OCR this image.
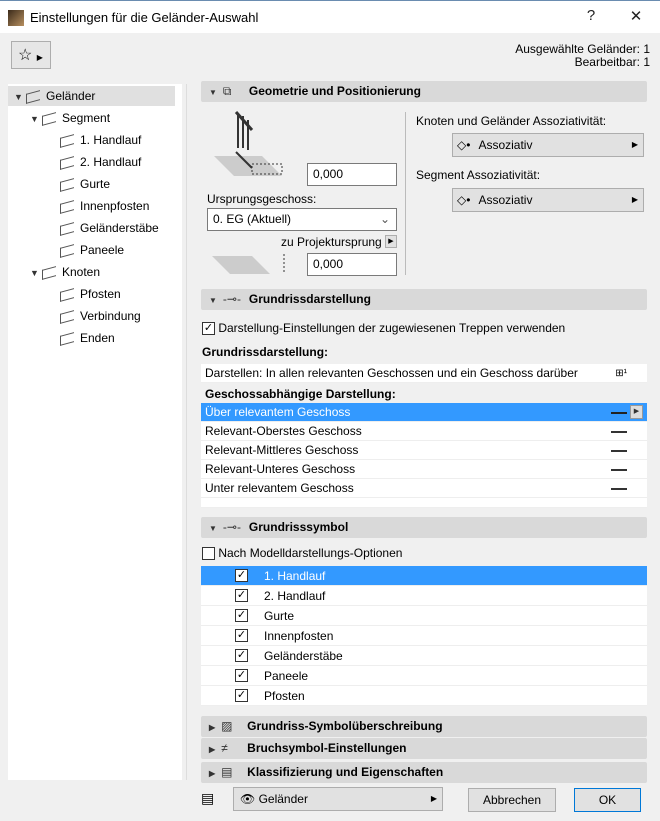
Einstellungen für die Geländer-Auswahl	?	✕
☆ ▶
Ausgewählte Geländer: 1
Bearbeitbar: 1
▼ Geländer
▼ Segment
1. Handlauf
2. Handlauf
Gurte
Innenpfosten
Geländerstäbe
Paneele
▼ Knoten
Pfosten
Verbindung
Enden
▼ ⧉ Geometrie und Positionierung
0,000
Ursprungsgeschoss:
0. EG (Aktuell)	⌄
zu Projektursprung ▶
0,000
Knoten und Geländer Assoziativität:
◇• Assoziativ	▶
Segment Assoziativität:
◇• Assoziativ	▶
▼ -⊸- Grundrissdarstellung
✓ Darstellung-Einstellungen der zugewiesenen Treppen verwenden
Grundrissdarstellung:
Darstellen: In allen relevanten Geschossen und ein Geschoss darüber	⊞¹
Geschossabhängige Darstellung:
Über relevantem Geschoss	▶
Relevant-Oberstes Geschoss
Relevant-Mittleres Geschoss
Relevant-Unteres Geschoss
Unter relevantem Geschoss
▼ -⊸- Grundrisssymbol
Nach Modelldarstellungs-Optionen
✓ 1. Handlauf
✓ 2. Handlauf
✓ Gurte
✓ Innenpfosten
✓ Geländerstäbe
✓ Paneele
✓ Pfosten
▶ ▨ Grundriss-Symbolüberschreibung
▶ ≠ Bruchsymbol-Einstellungen
▶ ▤ Klassifizierung und Eigenschaften
▤	👁 Geländer	▶	Abbrechen	OK
